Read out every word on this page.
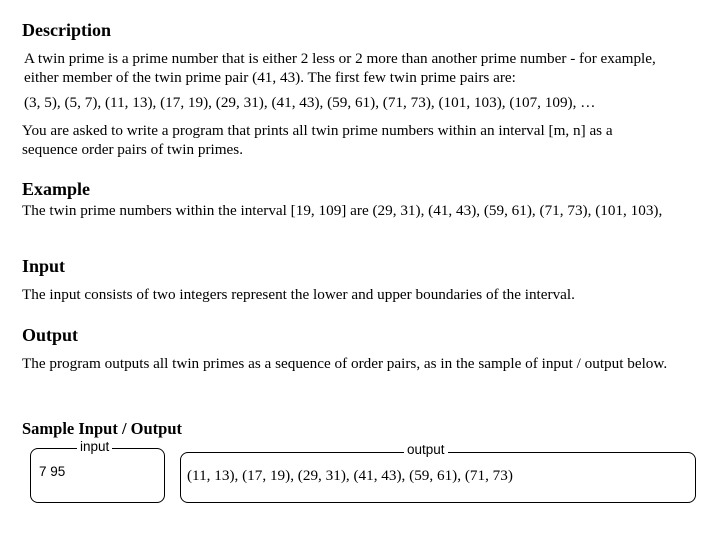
Description
A twin prime is a prime number that is either 2 less or 2 more than another prime number - for example, either member of the twin prime pair (41, 43). The first few twin prime pairs are:
(3, 5), (5, 7), (11, 13), (17, 19), (29, 31), (41, 43), (59, 61), (71, 73), (101, 103), (107, 109), …
You are asked to write a program that prints all twin prime numbers within an interval [m, n] as a sequence order pairs of twin primes.
Example
The twin prime numbers within the interval [19, 109] are (29, 31), (41, 43), (59, 61), (71, 73), (101, 103),
Input
The input consists of two integers represent the lower and upper boundaries of the interval.
Output
The program outputs all twin primes as a sequence of order pairs, as in the sample of input / output below.
Sample Input / Output
7 95
input
(11, 13), (17, 19), (29, 31), (41, 43), (59, 61), (71, 73)
output
